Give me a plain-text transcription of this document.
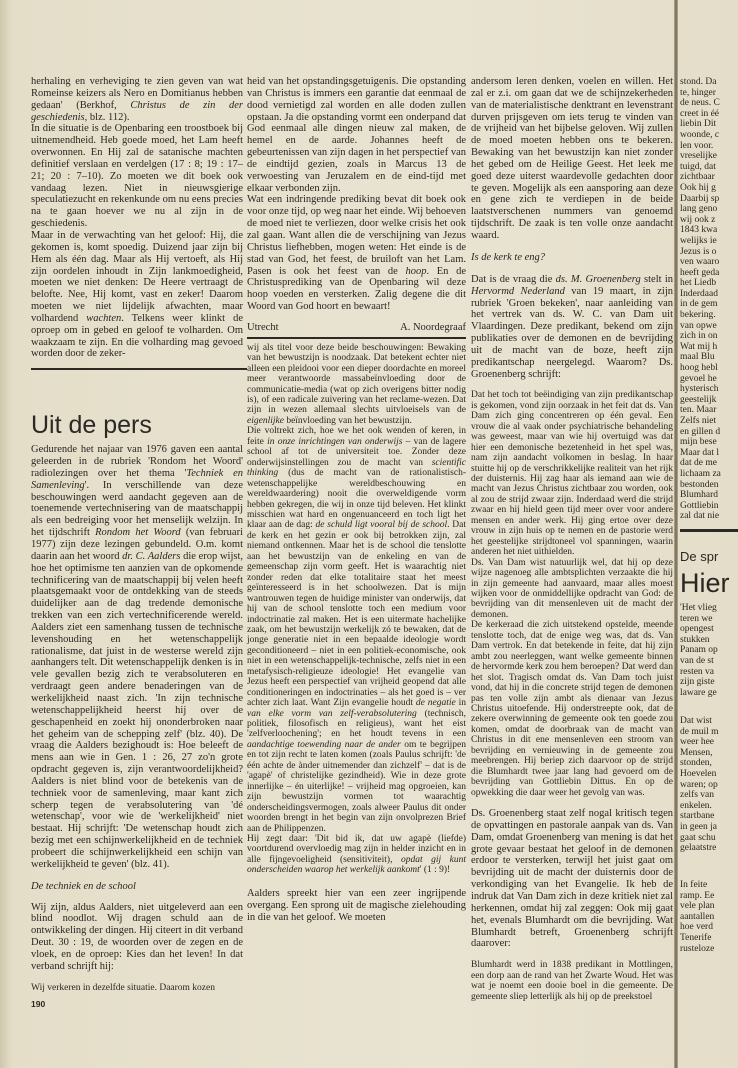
herhaling en verheviging te zien geven van wat Romeinse keizers als Nero en Domitianus hebben gedaan' (Berkhof, Christus de zin der geschiedenis, blz. 112).

In die situatie is de Openbaring een troostboek bij uitnemendheid. Heb goede moed, het Lam heeft overwonnen. En Hij zal de satanische machten definitief verslaan en verdelgen (17 : 8; 19 : 17–21; 20 : 7–10). Zo moeten we dit boek ook vandaag lezen. Niet in nieuwsgierige speculatiezucht en rekenkunde om nu eens precies na te gaan hoever we nu al zijn in de geschiedenis.

Maar in de verwachting van het geloof: Hij, die gekomen is, komt spoedig. Duizend jaar zijn bij Hem als één dag. Maar als Hij vertoeft, als Hij zijn oordelen inhoudt in Zijn lankmoedigheid, moeten we niet denken: De Heere vertraagt de belofte. Nee, Hij komt, vast en zeker! Daarom moeten we niet lijdelijk afwachten, maar volhardend wachten. Telkens weer klinkt de oproep om in gebed en geloof te volharden. Om waakzaam te zijn. En die volharding mag gevoed worden door de zeker-

Uit de pers

Gedurende het najaar van 1976 gaven een aantal geleerden in de rubriek 'Rondom het Woord' radiolezingen over het thema 'Techniek en Samenleving'. In verschillende van deze beschouwingen werd aandacht gegeven aan de toenemende vertechnisering van de maatschappij als een bedreiging voor het menselijk welzijn. In het tijdschrift Rondom het Woord (van februari 1977) zijn deze lezingen gebundeld. O.m. komt daarin aan het woord dr. C. Aalders die erop wijst, hoe het optimisme ten aanzien van de opkomende technificering van de maatschappij bij velen heeft plaatsgemaakt voor de ontdekking van de steeds duidelijker aan de dag tredende demonische trekken van een zich vertechnificerende wereld. Aalders ziet een samenhang tussen de technische levenshouding en het wetenschappelijk rationalisme, dat juist in de westerse wereld zijn aanhangers telt. Dit wetenschappelijk denken is in vele gevallen bezig zich te verabsoluteren en verdraagt geen andere benaderingen van de werkelijkheid naast zich. 'In zijn technische wetenschappelijkheid heerst hij over de geschapenheid en zoekt hij ononderbroken naar het geheim van de schepping zelf' (blz. 40). De vraag die Aalders bezighoudt is: Hoe beleeft de mens aan wie in Gen. 1 : 26, 27 zo'n grote opdracht gegeven is, zijn verantwoordelijkheid? Aalders is niet blind voor de betekenis van de techniek voor de samenleving, maar kant zich scherp tegen de verabsolutering van 'dé wetenschap', voor wie de 'werkelijkheid' niet bestaat. Hij schrijft: 'De wetenschap houdt zich bezig met een schijnwerkelijkheid en de techniek probeert die schijnwerkelijkheid een schijn van werkelijkheid te geven' (blz. 41).

De techniek en de school

Wij zijn, aldus Aalders, niet uitgeleverd aan een blind noodlot. Wij dragen schuld aan de ontwikkeling der dingen. Hij citeert in dit verband Deut. 30 : 19, de woorden over de zegen en de vloek, en de oproep: Kies dan het leven! In dat verband schrijft hij:

Wij verkeren in dezelfde situatie. Daarom kozen

190

heid van het opstandingsgetuigenis. Die opstanding van Christus is immers een garantie dat eenmaal de dood vernietigd zal worden en alle doden zullen opstaan. Ja die opstanding vormt een onderpand dat God eenmaal alle dingen nieuw zal maken, de hemel en de aarde. Johannes heeft de gebeurtenissen van zijn dagen in het perspectief van de eindtijd gezien, zoals in Marcus 13 de verwoesting van Jeruzalem en de eind-tijd met elkaar verbonden zijn.

Wat een indringende prediking bevat dit boek ook voor onze tijd, op weg naar het einde. Wij behoeven de moed niet te verliezen, door welke crisis het ook zal gaan. Want allen die de verschijning van Jezus Christus liefhebben, mogen weten: Het einde is de stad van God, het feest, de bruiloft van het Lam. Pasen is ook het feest van de hoop. En de Christusprediking van de Openbaring wil deze hoop voeden en versterken. Zalig degene die dit Woord van God hoort en bewaart!

Utrecht	A. Noordegraaf

wij als titel voor deze beide beschouwingen: Bewaking van het bewustzijn is noodzaak. Dat betekent echter niet alleen een pleidooi voor een dieper doordachte en moreel meer verantwoorde massabeïnvloeding door de communicatie-media (wat op zich overigens bitter nodig is), of een radicale zuivering van het reclame-wezen. Dat zijn in wezen allemaal slechts uitvloeisels van de eigenlijke beïnvloeding van het bewustzijn.

Die voltrekt zich, hoe we het ook wenden of keren, in feite in onze inrichtingen van onderwijs – van de lagere school af tot de universiteit toe. Zonder deze onderwijsinstellingen zou de macht van scientific thinking (dus de macht van de rationalistisch-wetenschappelijke wereldbeschouwing en wereldwaardering) nooit die overweldigende vorm hebben gekregen, die wij in onze tijd beleven. Het klinkt misschien wat hard en ongenuanceerd en toch ligt het klaar aan de dag: de schuld ligt vooral bij de school. Dat de kerk en het gezin er ook bij betrokken zijn, zal niemand ontkennen. Maar het is de school die tenslotte aan het bewustzijn van de enkeling en van de gemeenschap zijn vorm geeft. Het is waarachtig niet zonder reden dat elke totalitaire staat het meest geïnteresseerd is in het schoolwezen. Dat is mijn wantrouwen tegen de huidige minister van onderwijs, dat hij van de school tenslotte toch een medium voor indoctrinatie zal maken. Het is een uitermate hachelijke zaak, om het bewustzijn werkelijk zó te bewaken, dat de jonge generatie niet in een bepaalde ideologie wordt geconditioneerd – niet in een politiek-economische, ook niet in een wetenschappelijk-technische, zelfs niet in een metafysisch-religieuze ideologie! Het evangelie van Jezus heeft een perspectief van vrijheid geopend dat alle conditioneringen en indoctrinaties – als het goed is – ver achter zich laat. Want Zijn evangelie houdt de negatie in van elke vorm van zelf-verabsolutering (technisch, politiek, filosofisch en religieus), want het eist 'zelfverloochening'; en het houdt tevens in een aandachtige toewending naar de ander om te begrijpen en tot zijn recht te laten komen (zoals Paulus schrijft: 'de één achte de ànder uitnemender dan zichzelf' – dat is de 'agapè' of christelijke gezindheid). Wie in deze grote innerlijke – én uiterlijke! – vrijheid mag opgroeien, kan zijn bewustzijn vormen tot waarachtig onderscheidingsvermogen, zoals alweer Paulus dit onder woorden brengt in het begin van zijn onvolprezen Brief aan de Philippenzen.

Hij zegt daar: 'Dit bid ik, dat uw agapè (liefde) voortdurend overvloedig mag zijn in helder inzicht en in alle fijngevoeligheid (sensitiviteit), opdat gij kunt onderscheiden waarop het werkelijk aankomt' (1 : 9)!

Aalders spreekt hier van een zeer ingrijpende overgang. Een sprong uit de magische zielehouding in die van het geloof. We moeten

andersom leren denken, voelen en willen. Het zal er z.i. om gaan dat we de schijnzekerheden van de materialistische denktrant en levenstrant durven prijsgeven om iets terug te vinden van de vrijheid van het bijbelse geloven. Wij zullen de moed moeten hebben ons te bekeren. Bewaking van het bewustzijn kan niet zonder het gebed om de Heilige Geest. Het leek me goed deze uiterst waardevolle gedachten door te geven. Mogelijk als een aansporing aan deze en gene zich te verdiepen in de beide laatstverschenen nummers van genoemd tijdschrift. De zaak is ten volle onze aandacht waard.

Is de kerk te eng?

Dat is de vraag die ds. M. Groenenberg stelt in Hervormd Nederland van 19 maart, in zijn rubriek 'Groen bekeken', naar aanleiding van het vertrek van ds. W. C. van Dam uit Vlaardingen. Deze predikant, bekend om zijn publikaties over de demonen en de bevrijding uit de macht van de boze, heeft zijn predikantschap neergelegd. Waarom? Ds. Groenenberg schrijft:

Dat het toch tot beëindiging van zijn predikantschap is gekomen, vond zijn oorzaak in het feit dat ds. Van Dam zich ging concentreren op één geval. Een vrouw die al vaak onder psychiatrische behandeling was geweest, maar van wie hij overtuigd was dat hier een demonische bezetenheid in het spel was, nam zijn aandacht volkomen in beslag. In haar stuitte hij op de verschrikkelijke realiteit van het rijk der duisternis. Hij zag haar als iemand aan wie de macht van Jezus Christus zichtbaar zou worden, ook al zou de strijd zwaar zijn. Inderdaad werd die strijd zwaar en hij hield geen tijd meer over voor andere mensen en ander werk. Hij ging ertoe over deze vrouw in zijn huis op te nemen en de pastorie werd het geestelijke strijdtoneel vol spanningen, waarin anderen het niet uithielden.

Ds. Van Dam wist natuurlijk wel, dat hij op deze wijze nagenoeg alle ambtsplichten verzaakte die hij in zijn gemeente had aanvaard, maar alles moest wijken voor de onmiddellijke opdracht van God: de bevrijding van dit mensenleven uit de macht der demonen.

De kerkeraad die zich uitstekend opstelde, meende tenslotte toch, dat de enige weg was, dat ds. Van Dam vertrok. En dat betekende in feite, dat hij zijn ambt zou neerleggen, want welke gemeente binnen de hervormde kerk zou hem beroepen? Dat werd dan het slot. Tragisch omdat ds. Van Dam toch juist vond, dat hij in die concrete strijd tegen de demonen pas ten volle zijn ambt als dienaar van Jezus Christus uitoefende. Hij onderstreepte ook, dat de zekere overwinning de gemeente ook ten goede zou komen, omdat de doorbraak van de macht van Christus in dit ene mensenleven een stroom van bevrijding en vernieuwing in de gemeente zou meebrengen. Hij beriep zich daarvoor op de strijd die Blumhardt twee jaar lang had gevoerd om de bevrijding van Gottliebin Dittus. En op de opwekking die daar weer het gevolg van was.

Ds. Groenenberg staat zelf nogal kritisch tegen de opvattingen en pastorale aanpak van ds. Van Dam, omdat Groenenberg van mening is dat het grote gevaar bestaat het geloof in de demonen erdoor te versterken, terwijl het juist gaat om bevrijding uit de macht der duisternis door de verkondiging van het Evangelie. Ik heb de indruk dat Van Dam zich in deze kritiek niet zal herkennen, omdat hij zal zeggen: Ook mij gaat het, evenals Blumhardt om die bevrijding. Wat Blumhardt betreft, Groenenberg schrijft daarover:

Blumhardt werd in 1838 predikant in Mottlingen, een dorp aan de rand van het Zwarte Woud. Het was wat je noemt een dooie boel in die gemeente. De gemeente sliep letterlijk als hij op de preekstoel

stond. Da
te, hinger
de neus. C
creet in éé
liebin Dit
woonde, c
len voor.
vreselijke
tuigd, dat
zichtbaar
Ook hij g
Daarbij sp
lang geno
wij ook z
1843 kwa
welijks ie
Jezus is o
ven waaro
heeft geda
het Liedb
Inderdaad
in de gem
bekering.
van opwe
zich in on
Wat mij h
maal Blu
hoog hebl
gevoel he
hysterisch
geestelijk
ten. Maar
Zelfs niet
en gillen d
mijn bese
Maar dat l
dat de me
lichaam za
bestonden
Blumhard
Gottliebin
zal dat nie
De spr
Hier
'Het vlieg
teren we
opengest
stukken
Panam op
van de st
resten va
zijn giste
laware ge
Dat wist
de muil m
weer hee
Mensen,
stonden,
Hoevelen
waren; op
zelfs van
enkelen.
startbane
in geen ja
gaat schu
gelaatstre
In feite
ramp. Ee
vele plan
aantallen
hoe verd
Tenerife
rusteloze
